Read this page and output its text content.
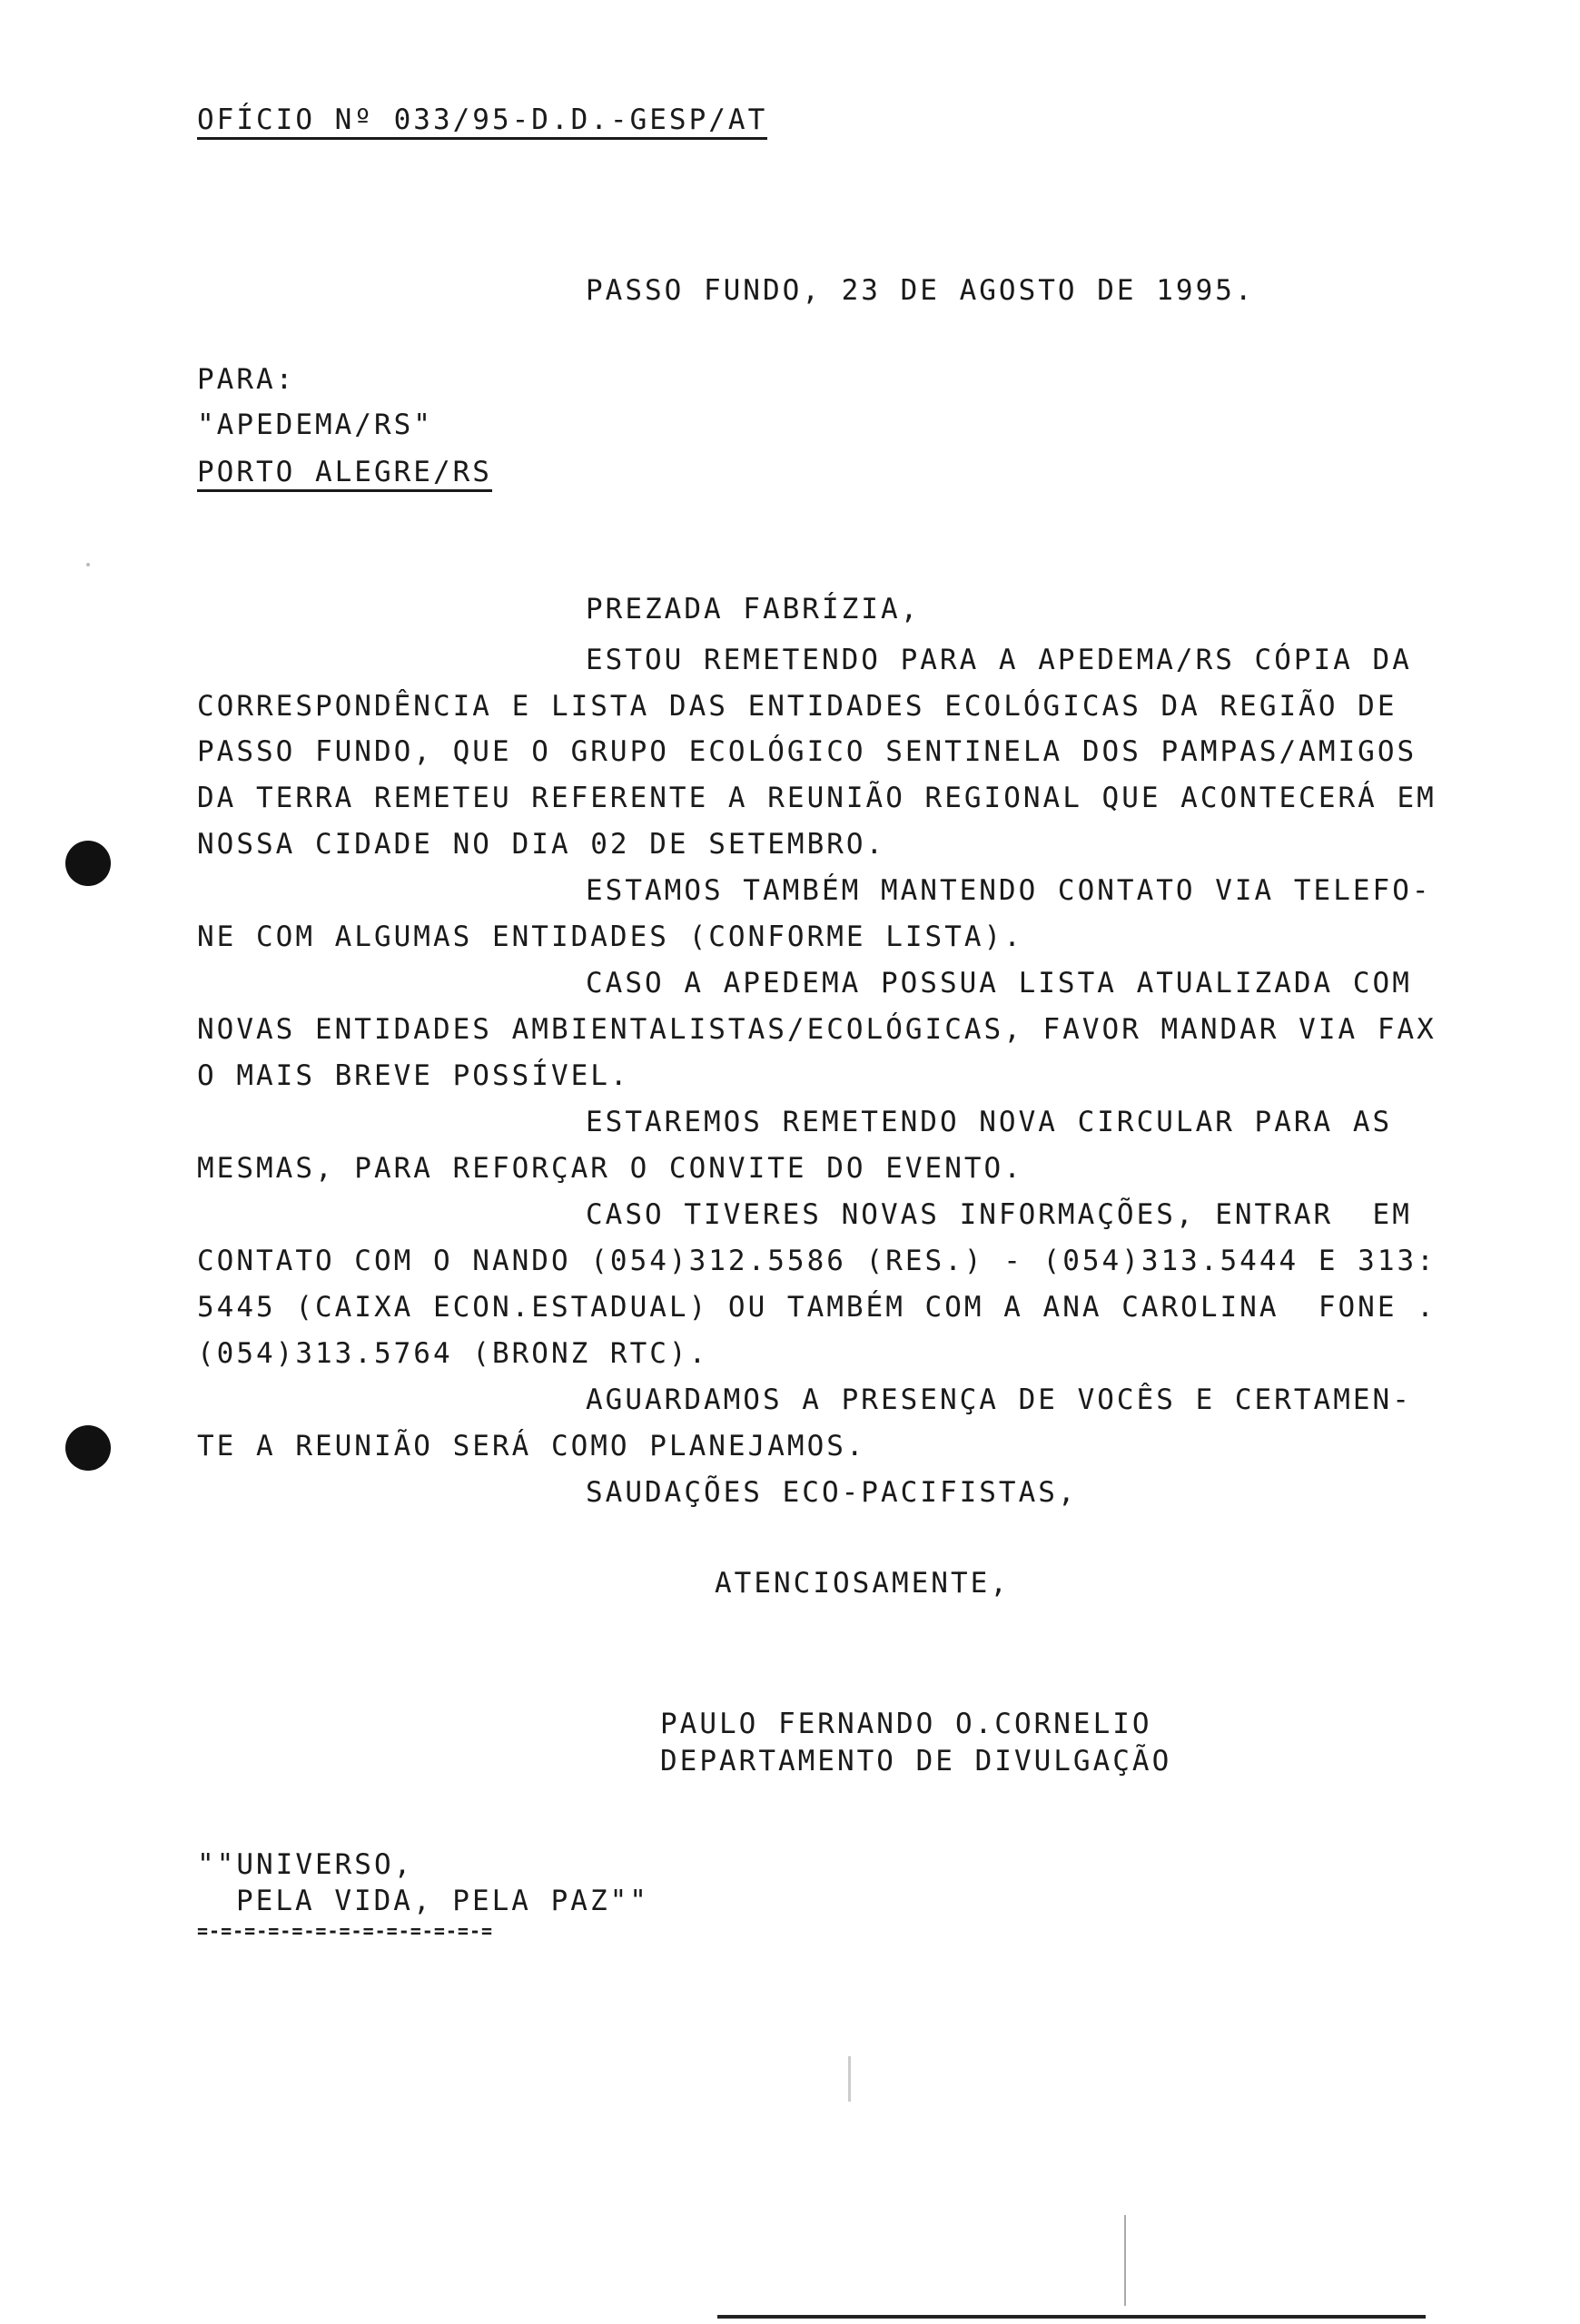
OFÍCIO Nº 033/95-D.D.-GESP/AT
PASSO FUNDO, 23 DE AGOSTO DE 1995.
PARA:
"APEDEMA/RS"
PORTO ALEGRE/RS
PREZADA FABRÍZIA,
ESTOU REMETENDO PARA A APEDEMA/RS CÓPIA DA
CORRESPONDÊNCIA E LISTA DAS ENTIDADES ECOLÓGICAS DA REGIÃO DE
PASSO FUNDO, QUE O GRUPO ECOLÓGICO SENTINELA DOS PAMPAS/AMIGOS
DA TERRA REMETEU REFERENTE A REUNIÃO REGIONAL QUE ACONTECERÁ EM
NOSSA CIDADE NO DIA 02 DE SETEMBRO.
ESTAMOS TAMBÉM MANTENDO CONTATO VIA TELEFO-
NE COM ALGUMAS ENTIDADES (CONFORME LISTA).
CASO A APEDEMA POSSUA LISTA ATUALIZADA COM
NOVAS ENTIDADES AMBIENTALISTAS/ECOLÓGICAS, FAVOR MANDAR VIA FAX
O MAIS BREVE POSSÍVEL.
ESTAREMOS REMETENDO NOVA CIRCULAR PARA AS
MESMAS, PARA REFORÇAR O CONVITE DO EVENTO.
CASO TIVERES NOVAS INFORMAÇÕES, ENTRAR  EM
CONTATO COM O NANDO (054)312.5586 (RES.) - (054)313.5444 E 313:
5445 (CAIXA ECON.ESTADUAL) OU TAMBÉM COM A ANA CAROLINA  FONE .
(054)313.5764 (BRONZ RTC).
AGUARDAMOS A PRESENÇA DE VOCÊS E CERTAMEN-
TE A REUNIÃO SERÁ COMO PLANEJAMOS.
SAUDAÇÕES ECO-PACIFISTAS,
ATENCIOSAMENTE,
PAULO FERNANDO O.CORNELIO
DEPARTAMENTO DE DIVULGAÇÃO
""UNIVERSO,
PELA VIDA, PELA PAZ""
=-=-=-=-=-=-=-=-=-=-=-=-=
